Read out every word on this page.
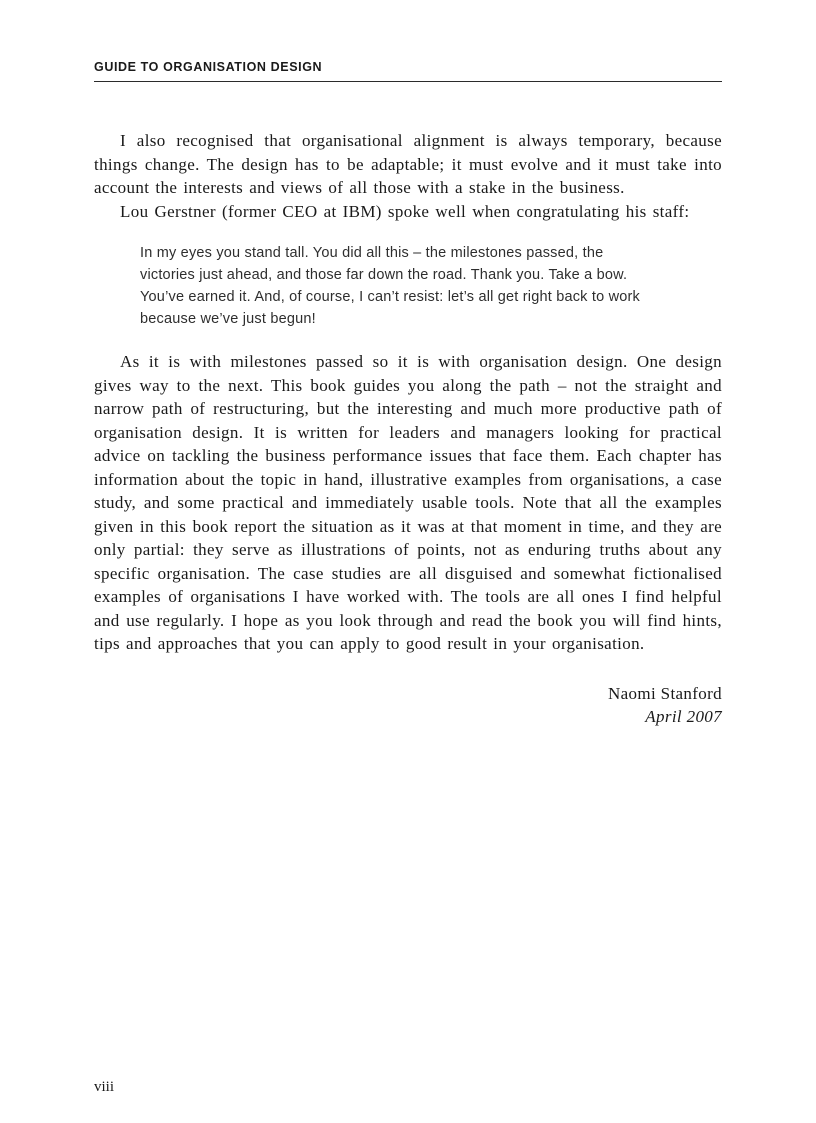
GUIDE TO ORGANISATION DESIGN

I also recognised that organisational alignment is always temporary, because things change. The design has to be adaptable; it must evolve and it must take into account the interests and views of all those with a stake in the business.

Lou Gerstner (former CEO at IBM) spoke well when congratulating his staff:

In my eyes you stand tall. You did all this – the milestones passed, the victories just ahead, and those far down the road. Thank you. Take a bow. You’ve earned it. And, of course, I can’t resist: let’s all get right back to work because we’ve just begun!

As it is with milestones passed so it is with organisation design. One design gives way to the next. This book guides you along the path – not the straight and narrow path of restructuring, but the interesting and much more productive path of organisation design. It is written for leaders and managers looking for practical advice on tackling the business performance issues that face them. Each chapter has information about the topic in hand, illustrative examples from organisations, a case study, and some practical and immediately usable tools. Note that all the examples given in this book report the situation as it was at that moment in time, and they are only partial: they serve as illustrations of points, not as enduring truths about any specific organisation. The case studies are all disguised and somewhat fictionalised examples of organisations I have worked with. The tools are all ones I find helpful and use regularly. I hope as you look through and read the book you will find hints, tips and approaches that you can apply to good result in your organisation.

Naomi Stanford
April 2007
viii
